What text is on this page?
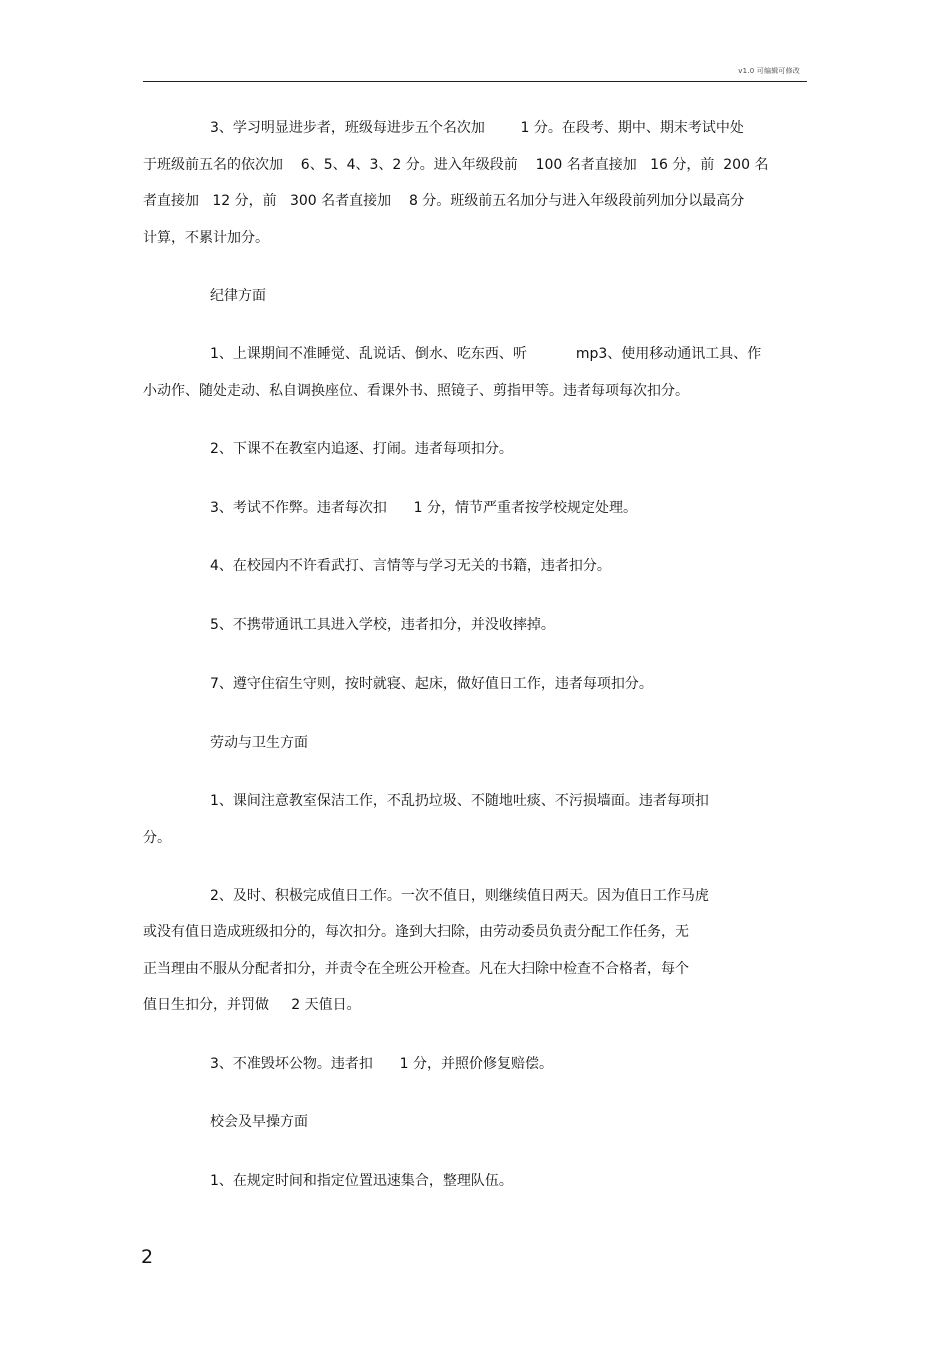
v1.0 可编辑可修改
3、学习明显进步者，班级每进步五个名次加        1 分。在段考、期中、期末考试中处
于班级前五名的依次加    6、5、4、3、2 分。进入年级段前    100 名者直接加   16 分，前  200 名
者直接加   12 分，前   300 名者直接加    8 分。班级前五名加分与进入年级段前列加分以最高分
计算，不累计加分。
纪律方面
1、上课期间不准睡觉、乱说话、倒水、吃东西、听           mp3、使用移动通讯工具、作
小动作、随处走动、私自调换座位、看课外书、照镜子、剪指甲等。违者每项每次扣分。
2、下课不在教室内追逐、打闹。违者每项扣分。
3、考试不作弊。违者每次扣      1 分，情节严重者按学校规定处理。
4、在校园内不许看武打、言情等与学习无关的书籍，违者扣分。
5、不携带通讯工具进入学校，违者扣分，并没收摔掉。
7、遵守住宿生守则，按时就寝、起床，做好值日工作，违者每项扣分。
劳动与卫生方面
1、课间注意教室保洁工作，不乱扔垃圾、不随地吐痰、不污损墙面。违者每项扣
分。
2、及时、积极完成值日工作。一次不值日，则继续值日两天。因为值日工作马虎
或没有值日造成班级扣分的，每次扣分。逢到大扫除，由劳动委员负责分配工作任务，无
正当理由不服从分配者扣分，并责令在全班公开检查。凡在大扫除中检查不合格者，每个
值日生扣分，并罚做     2 天值日。
3、不准毁坏公物。违者扣      1 分，并照价修复赔偿。
校会及早操方面
1、在规定时间和指定位置迅速集合，整理队伍。
2
